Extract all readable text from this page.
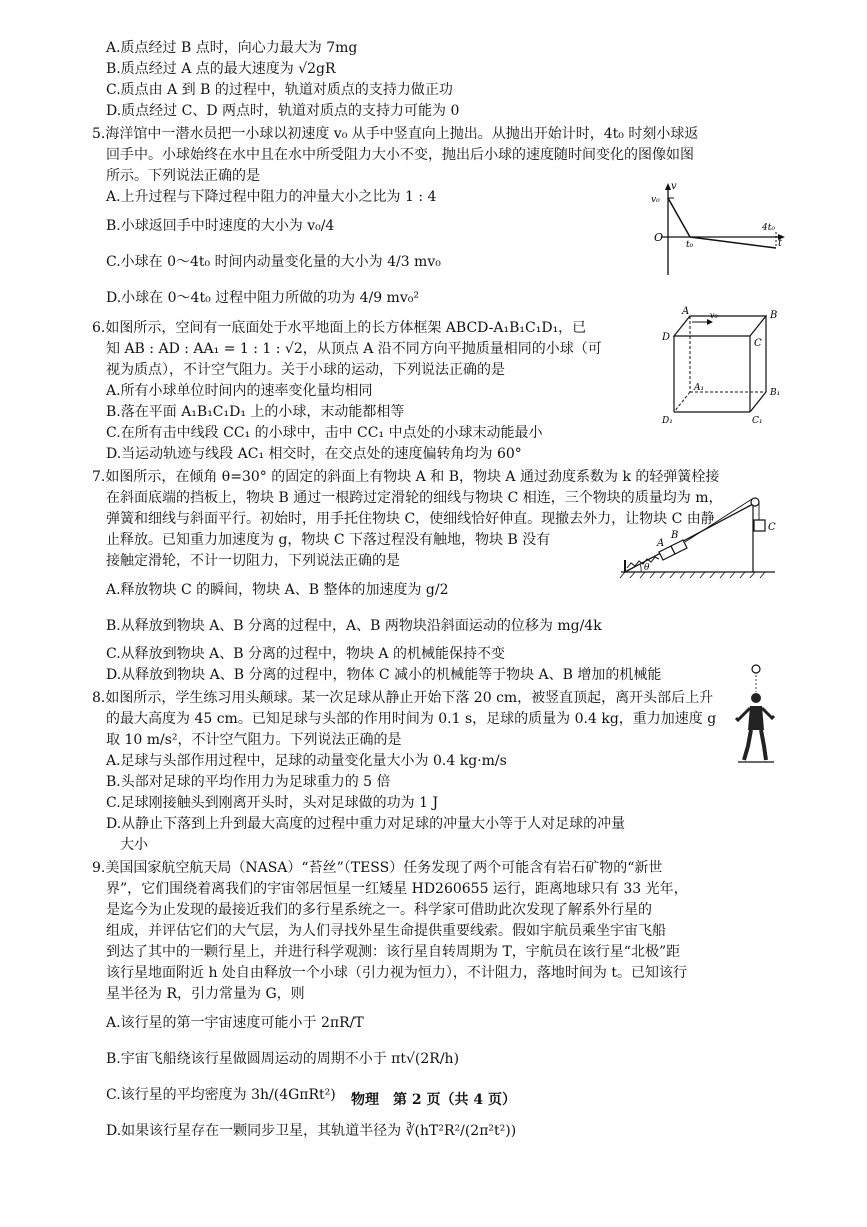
A.质点经过 B 点时，向心力最大为 7mg
B.质点经过 A 点的最大速度为 √2gR
C.质点由 A 到 B 的过程中，轨道对质点的支持力做正功
D.质点经过 C、D 两点时，轨道对质点的支持力可能为 0
5.海洋馆中一潜水员把一小球以初速度 v₀ 从手中竖直向上抛出。从抛出开始计时，4t₀ 时刻小球返
回手中。小球始终在水中且在水中所受阻力大小不变，抛出后小球的速度随时间变化的图像如图
所示。下列说法正确的是
A.上升过程与下降过程中阻力的冲量大小之比为 1 : 4
B.小球返回手中时速度的大小为 v₀/4
C.小球在 0～4t₀ 时间内动量变化量的大小为 4/3 mv₀
D.小球在 0～4t₀ 过程中阻力所做的功为 4/9 mv₀²
6.如图所示，空间有一底面处于水平地面上的长方体框架 ABCD-A₁B₁C₁D₁，已
知 AB : AD : AA₁ = 1 : 1 : √2，从顶点 A 沿不同方向平抛质量相同的小球（可
视为质点），不计空气阻力。关于小球的运动，下列说法正确的是
A.所有小球单位时间内的速率变化量均相同
B.落在平面 A₁B₁C₁D₁ 上的小球，末动能都相等
C.在所有击中线段 CC₁ 的小球中，击中 CC₁ 中点处的小球末动能最小
D.当运动轨迹与线段 AC₁ 相交时，在交点处的速度偏转角均为 60°
7.如图所示，在倾角 θ=30° 的固定的斜面上有物块 A 和 B，物块 A 通过劲度系数为 k 的轻弹簧栓接
在斜面底端的挡板上，物块 B 通过一根跨过定滑轮的细线与物块 C 相连，三个物块的质量均为 m，
弹簧和细线与斜面平行。初始时，用手托住物块 C，使细线恰好伸直。现撤去外力，让物块 C 由静
止释放。已知重力加速度为 g，物块 C 下落过程没有触地，物块 B 没有
接触定滑轮，不计一切阻力，下列说法正确的是
A.释放物块 C 的瞬间，物块 A、B 整体的加速度为 g/2
B.从释放到物块 A、B 分离的过程中，A、B 两物块沿斜面运动的位移为 mg/4k
C.从释放到物块 A、B 分离的过程中，物块 A 的机械能保持不变
D.从释放到物块 A、B 分离的过程中，物体 C 减小的机械能等于物块 A、B 增加的机械能
8.如图所示，学生练习用头颠球。某一次足球从静止开始下落 20 cm，被竖直顶起，离开头部后上升
的最大高度为 45 cm。已知足球与头部的作用时间为 0.1 s，足球的质量为 0.4 kg，重力加速度 g
取 10 m/s²，不计空气阻力。下列说法正确的是
A.足球与头部作用过程中，足球的动量变化量大小为 0.4 kg·m/s
B.头部对足球的平均作用力为足球重力的 5 倍
C.足球刚接触头到刚离开头时，头对足球做的功为 1 J
D.从静止下落到上升到最大高度的过程中重力对足球的冲量大小等于人对足球的冲量
大小
9.美国国家航空航天局（NASA）“苔丝”（TESS）任务发现了两个可能含有岩石矿物的“新世
界”，它们围绕着离我们的宇宙邻居恒星一红矮星 HD260655 运行，距离地球只有 33 光年，
是迄今为止发现的最接近我们的多行星系统之一。科学家可借助此次发现了解系外行星的
组成，并评估它们的大气层，为人们寻找外星生命提供重要线索。假如宇航员乘坐宇宙飞船
到达了其中的一颗行星上，并进行科学观测：该行星自转周期为 T，宇航员在该行星“北极”距
该行星地面附近 h 处自由释放一个小球（引力视为恒力），不计阻力，落地时间为 t。已知该行
星半径为 R，引力常量为 G，则
A.该行星的第一宇宙速度可能小于 2πR/T
B.宇宙飞船绕该行星做圆周运动的周期不小于 πt√(2R/h)
C.该行星的平均密度为 3h/(4GπRt²)
D.如果该行星存在一颗同步卫星，其轨道半径为 ∛(hT²R²/(2π²t²))
v
v₀
O
t₀
4t₀
t
A	B
C
D
A₁	B₁
C₁
D₁
v₀
A
B
C
θ
物理　第 2 页（共 4 页）
